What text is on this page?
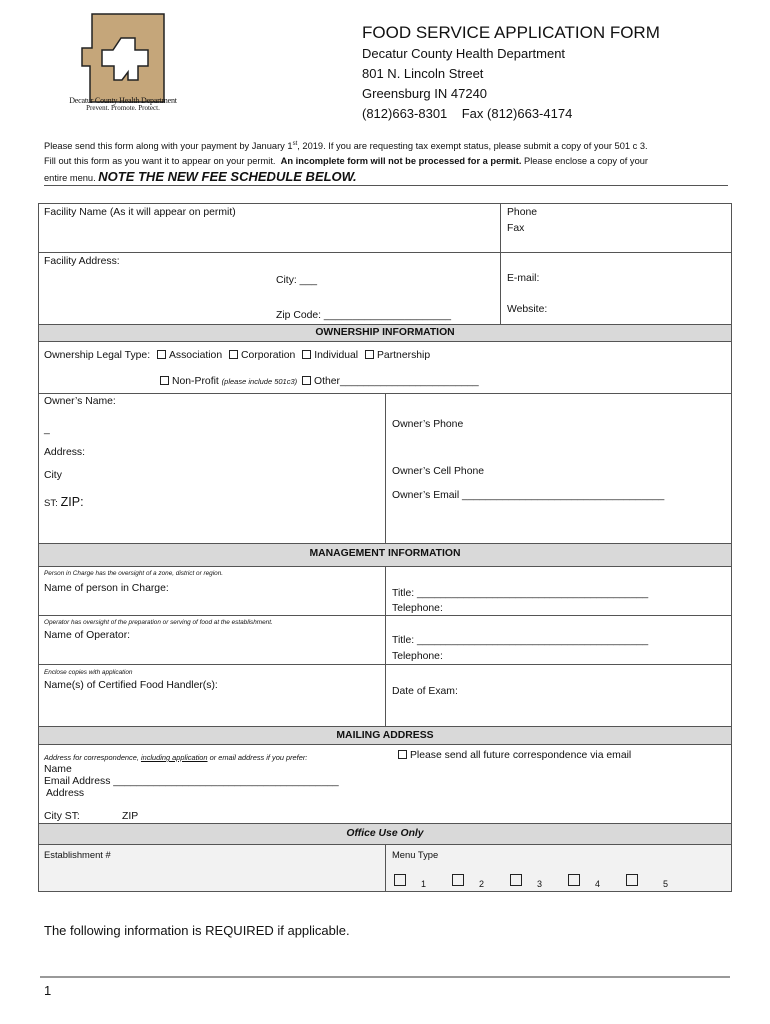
Decatur County Health Department
Prevent. Promote. Protect.
FOOD SERVICE APPLICATION FORM
Decatur County Health Department
801 N. Lincoln Street
Greensburg IN 47240
(812)663-8301    Fax (812)663-4174
Please send this form along with your payment by January 1st, 2019. If you are requesting tax exempt status, please submit a copy of your 501 c 3.
Fill out this form as you want it to appear on your permit.  An incomplete form will not be processed for a permit. Please enclose a copy of your
entire menu. NOTE THE NEW FEE SCHEDULE BELOW.
Facility Name (As it will appear on permit)	Phone
Fax
Facility Address:
City: ___
Zip Code: ______________________
E-mail:
Website:
OWNERSHIP INFORMATION
Ownership Legal Type: Association Corporation Individual Partnership
Non-Profit (please include 501c3) Other________________________
Owner’s Name:
_
Address:
City
ST: ZIP:
Owner’s Phone
Owner’s Cell Phone
Owner’s Email ___________________________________
MANAGEMENT INFORMATION
Person in Charge has the oversight of a zone, district or region.
Name of person in Charge:	Title: ________________________________________
Telephone:
Operator has oversight of the preparation or serving of food at the establishment.
Name of Operator:	Title: ________________________________________
Telephone:
Enclose copies with application
Name(s) of Certified Food Handler(s):
Date of Exam:
MAILING ADDRESS
Address for correspondence, including application or email address if you prefer:	Please send all future correspondence via email
Name
Email Address _______________________________________
Address
City ST:	ZIP
Office Use Only
Establishment #	Menu Type
1	2	3	4	5
The following information is REQUIRED if applicable.
1
